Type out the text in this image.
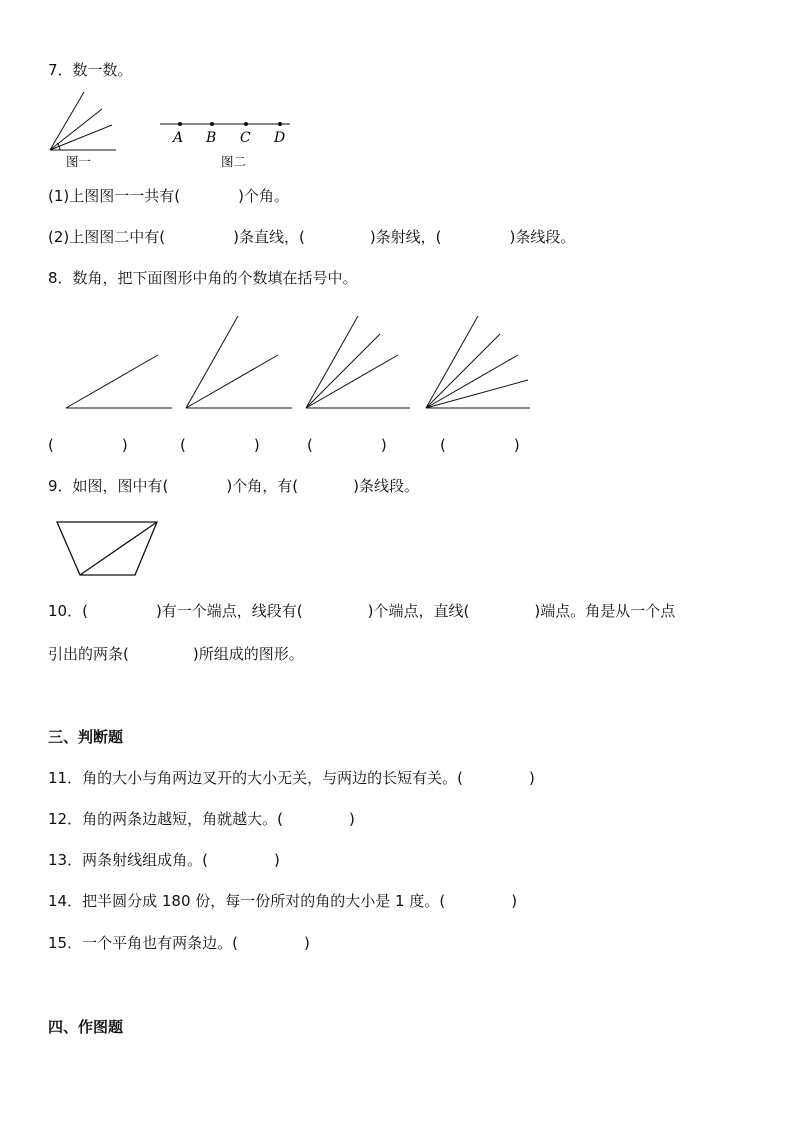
7．数一数。
图一
A B C D
图二
(1)上图图一一共有(	)个角。
(2)上图图二中有(	)条直线，(	)条射线，(	)条线段。
8．数角，把下面图形中角的个数填在括号中。
(	)	(	)	(	)	(	)
9．如图，图中有(	)个角，有(	)条线段。
10．(	)有一个端点，线段有(	)个端点，直线(	)端点。角是从一个点
引出的两条(	)所组成的图形。
三、判断题
11．角的大小与角两边叉开的大小无关，与两边的长短有关。(	)
12．角的两条边越短，角就越大。(	)
13．两条射线组成角。(	)
14．把半圆分成 180 份，每一份所对的角的大小是 1 度。(	)
15．一个平角也有两条边。(	)
四、作图题
